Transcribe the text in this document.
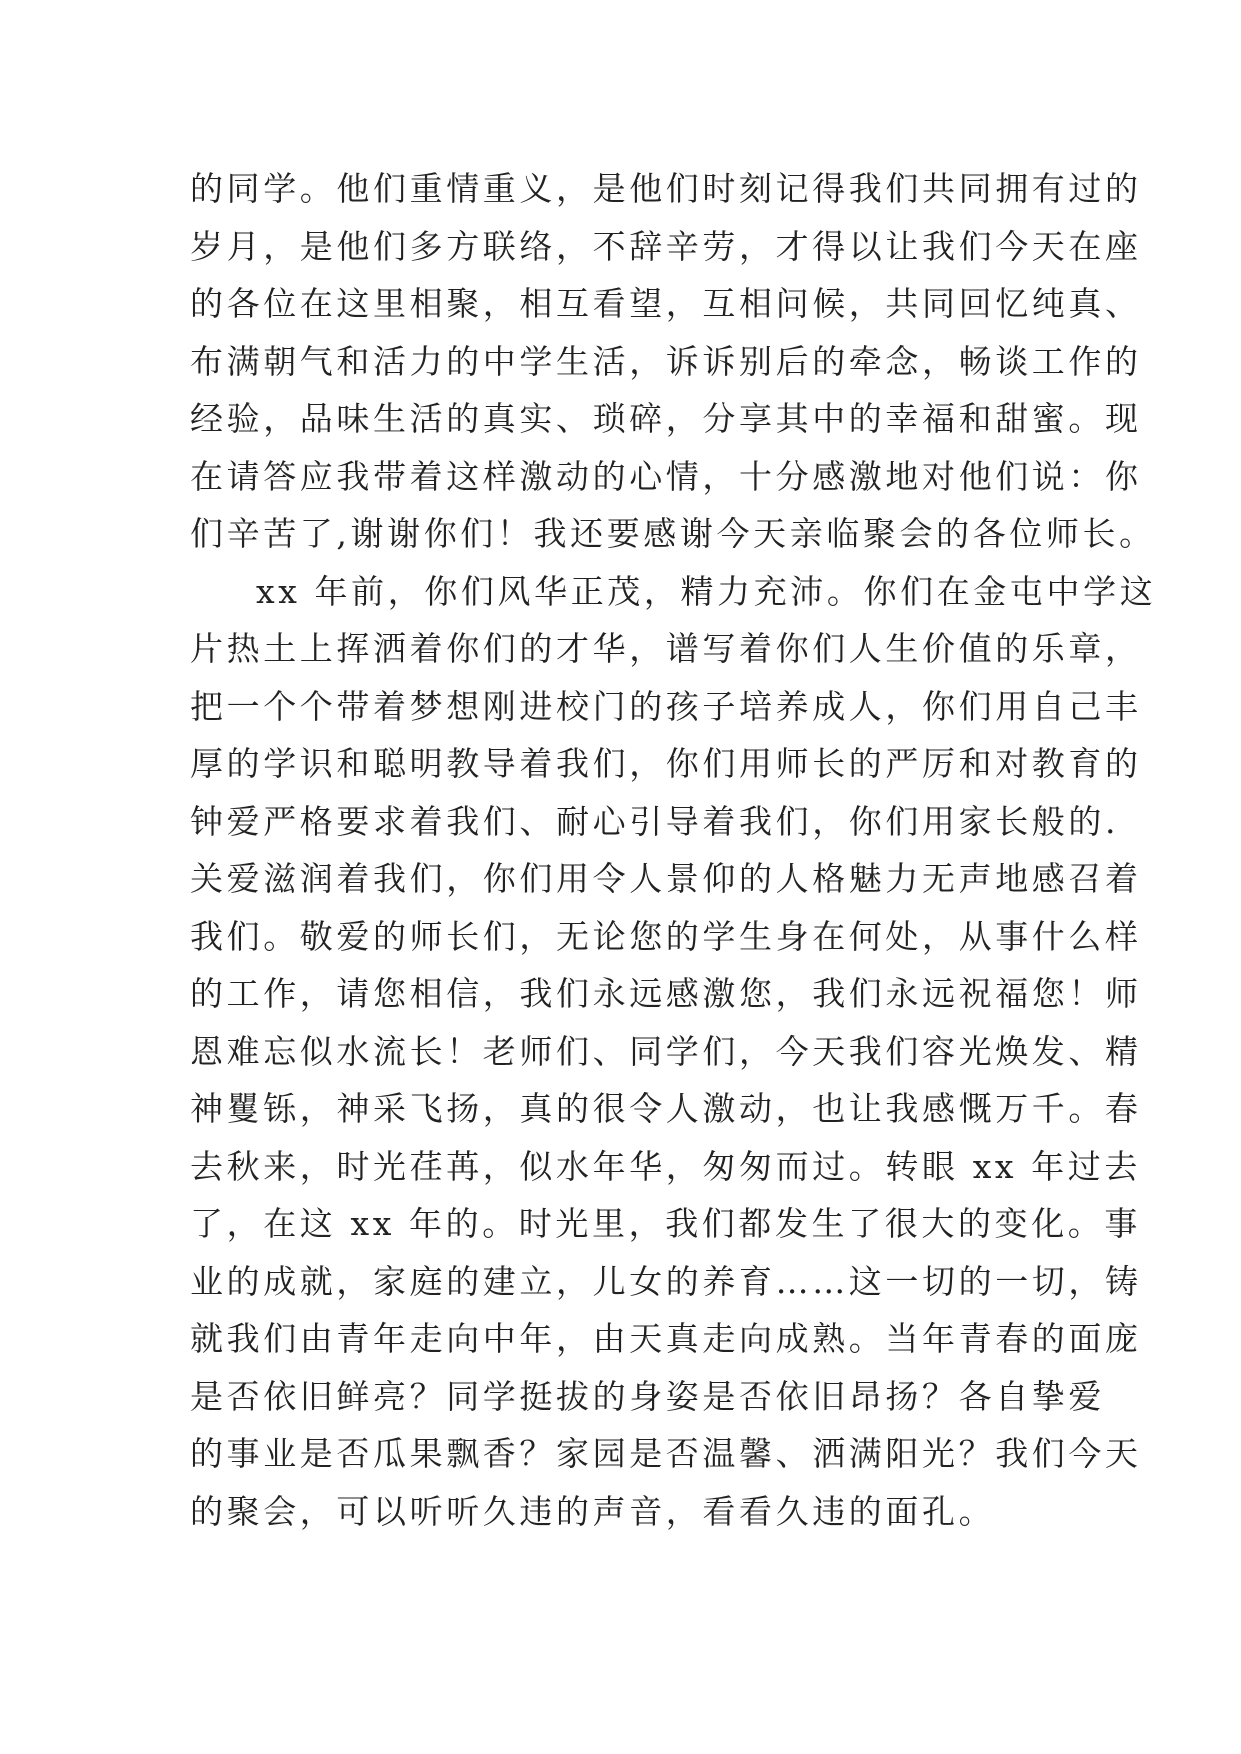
的同学。他们重情重义，是他们时刻记得我们共同拥有过的
岁月，是他们多方联络，不辞辛劳，才得以让我们今天在座
的各位在这里相聚，相互看望，互相问候，共同回忆纯真、
布满朝气和活力的中学生活，诉诉别后的牵念，畅谈工作的
经验，品味生活的真实、琐碎，分享其中的幸福和甜蜜。现
在请答应我带着这样激动的心情，十分感激地对他们说：你
们辛苦了,谢谢你们！我还要感谢今天亲临聚会的各位师长。
xx 年前，你们风华正茂，精力充沛。你们在金屯中学这
片热土上挥洒着你们的才华，谱写着你们人生价值的乐章，
把一个个带着梦想刚进校门的孩子培养成人，你们用自己丰
厚的学识和聪明教导着我们，你们用师长的严厉和对教育的
钟爱严格要求着我们、耐心引导着我们，你们用家长般的.
关爱滋润着我们，你们用令人景仰的人格魅力无声地感召着
我们。敬爱的师长们，无论您的学生身在何处，从事什么样
的工作，请您相信，我们永远感激您，我们永远祝福您！师
恩难忘似水流长！老师们、同学们，今天我们容光焕发、精
神矍铄，神采飞扬，真的很令人激动，也让我感慨万千。春
去秋来，时光荏苒，似水年华，匆匆而过。转眼 xx 年过去
了，在这 xx 年的。时光里，我们都发生了很大的变化。事
业的成就，家庭的建立，儿女的养育……这一切的一切，铸
就我们由青年走向中年，由天真走向成熟。当年青春的面庞
是否依旧鲜亮？同学挺拔的身姿是否依旧昂扬？各自挚爱
的事业是否瓜果飘香？家园是否温馨、洒满阳光？我们今天
的聚会，可以听听久违的声音，看看久违的面孔。
